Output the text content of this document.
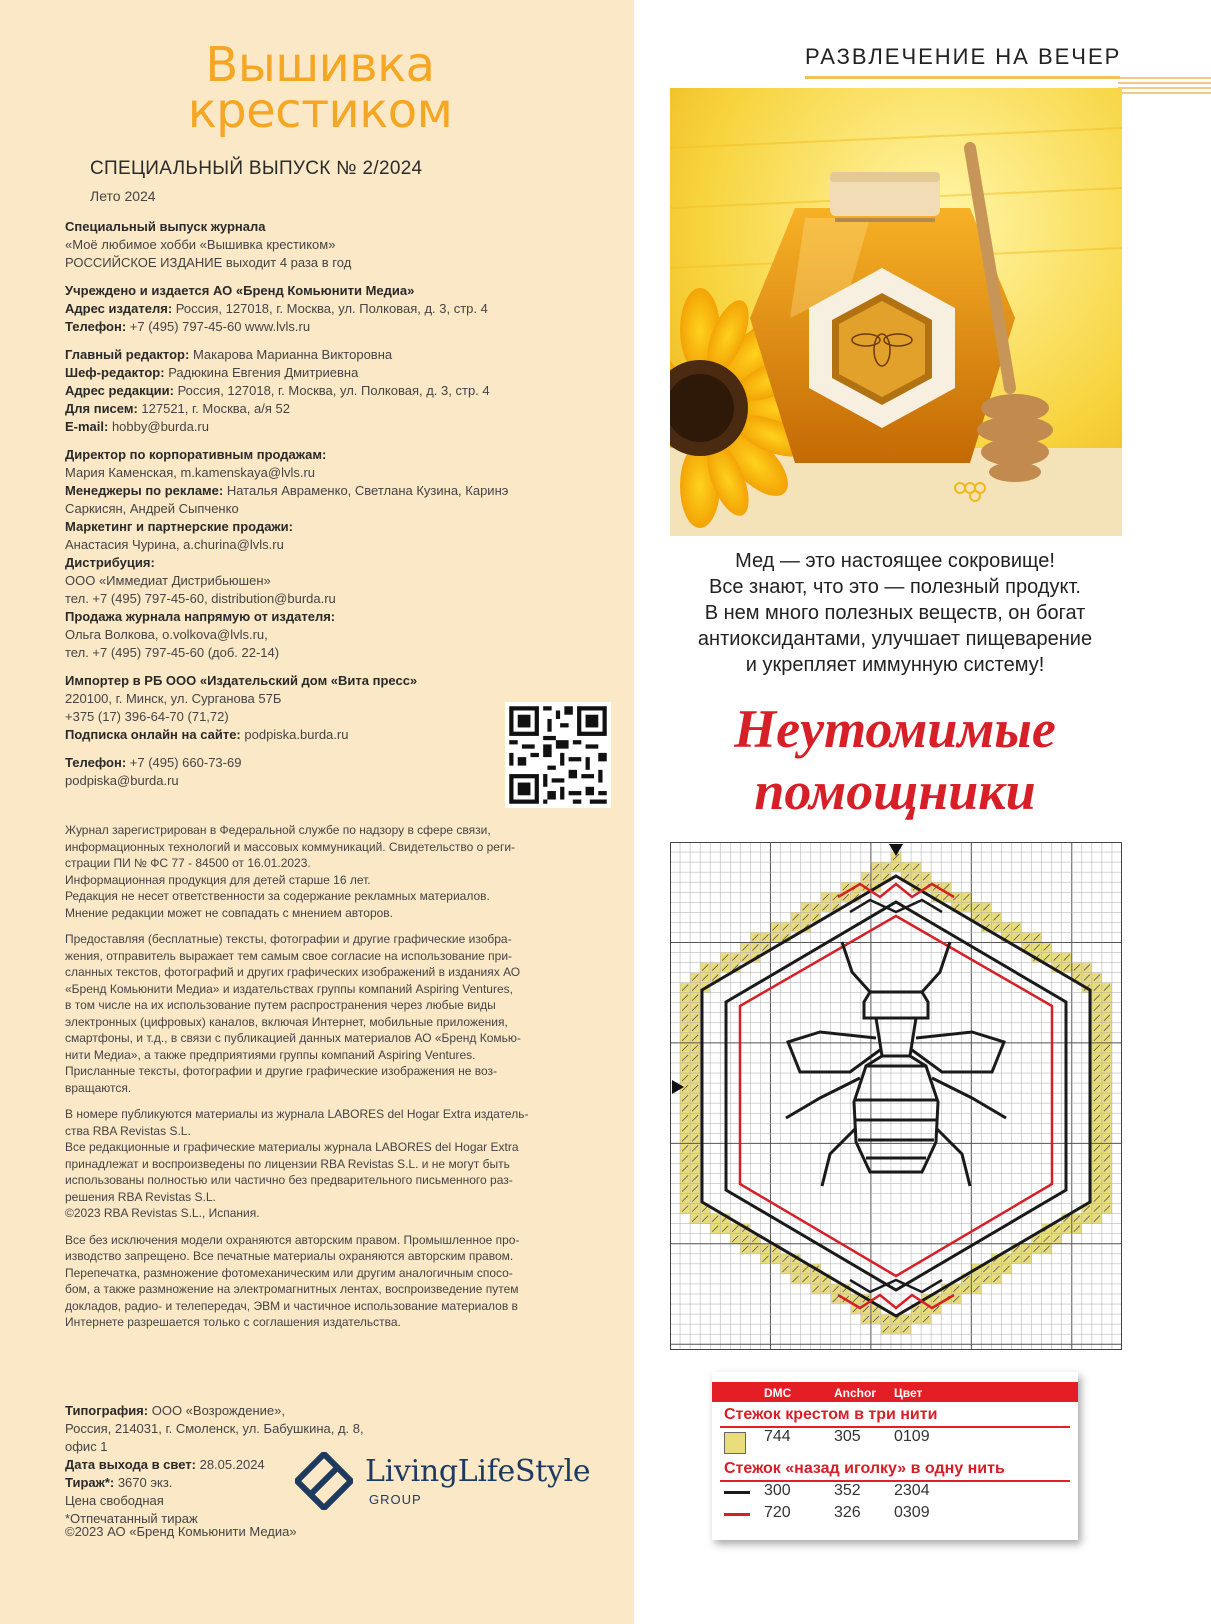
Вышивка
крестиком
СПЕЦИАЛЬНЫЙ ВЫПУСК № 2/2024
Лето 2024

Специальный выпуск журнала

«Моё любимое хобби «Вышивка крестиком»

РОССИЙСКОЕ ИЗДАНИЕ выходит 4 раза в год

Учреждено и издается АО «Бренд Комьюнити Медиа»

Адрес издателя: Россия, 127018, г. Москва, ул. Полковая, д. 3, стр. 4

Телефон: +7 (495) 797-45-60 www.lvls.ru

Главный редактор: Макарова Марианна Викторовна

Шеф-редактор: Радюкина Евгения Дмитриевна

Адрес редакции: Россия, 127018, г. Москва, ул. Полковая, д. 3, стр. 4

Для писем: 127521, г. Москва, а/я 52

E-mail: hobby@burda.ru

Директор по корпоративным продажам:

Мария Каменская, m.kamenskaya@lvls.ru

Менеджеры по рекламе: Наталья Авраменко, Светлана Кузина, Каринэ

Саркисян, Андрей Сыпченко

Маркетинг и партнерские продажи:

Анастасия Чурина, a.churina@lvls.ru

Дистрибуция:

ООО «Иммедиат Дистрибьюшен»

тел. +7 (495) 797-45-60, distribution@burda.ru

Продажа журнала напрямую от издателя:

Ольга Волкова, o.volkova@lvls.ru,

тел. +7 (495) 797-45-60 (доб. 22-14)

Импортер в РБ ООО «Издательский дом «Вита пресс»

220100, г. Минск, ул. Сурганова 57Б

+375 (17) 396-64-70 (71,72)

Подписка онлайн на сайте: podpiska.burda.ru

Телефон: +7 (495) 660-73-69

podpiska@burda.ru

Журнал зарегистрирован в Федеральной службе по надзору в сфере связи,
информационных технологий и массовых коммуникаций. Свидетельство о реги-
страции ПИ № ФС 77 - 84500 от 16.01.2023.
Информационная продукция для детей старше 16 лет.
Редакция не несет ответственности за содержание рекламных материалов.
Мнение редакции может не совпадать с мнением авторов.
Предоставляя (бесплатные) тексты, фотографии и другие графические изобра-
жения, отправитель выражает тем самым свое согласие на использование при-
сланных текстов, фотографий и других графических изображений в изданиях АО
«Бренд Комьюнити Медиа» и издательствах группы компаний Aspiring Ventures,
в том числе на их использование путем распространения через любые виды
электронных (цифровых) каналов, включая Интернет, мобильные приложения,
смартфоны, и т.д., в связи с публикацией данных материалов АО «Бренд Комью-
нити Медиа», а также предприятиями группы компаний Aspiring Ventures.
Присланные тексты, фотографии и другие графические изображения не воз-
вращаются.
В номере публикуются материалы из журнала LABORES del Hogar Extra издатель-
ства RBA Revistas S.L.
Все редакционные и графические материалы журнала LABORES del Hogar Extra
принадлежат и воспроизведены по лицензии RBA Revistas S.L. и не могут быть
использованы полностью или частично без предварительного письменного раз-
решения RBA Revistas S.L.
©2023 RBA Revistas S.L., Испания.
Все без исключения модели охраняются авторским правом. Промышленное про-
изводство запрещено. Все печатные материалы охраняются авторским правом.
Перепечатка, размножение фотомеханическим или другим аналогичным спосо-
бом, а также размножение на электромагнитных лентах, воспроизведение путем
докладов, радио- и телепередач, ЭВМ и частичное использование материалов в
Интернете разрешается только с соглашения издательства.

Типография: ООО «Возрождение»,

Россия, 214031, г. Смоленск, ул. Бабушкина, д. 8, офис 1

Дата выхода в свет: 28.05.2024

Тираж*: 3670 экз.

Цена свободная

*Отпечатанный тираж

©2023 АО «Бренд Комьюнити Медиа»
LivingLifeStyle
GROUP
РАЗВЛЕЧЕНИЕ НА ВЕЧЕР
Мед — это настоящее сокровище!
Все знают, что это — полезный продукт.
В нем много полезных веществ, он богат
антиоксидантами, улучшает пищеварение
и укрепляет иммунную систему!
Неутомимые
помощники
DMC	Anchor Цвет
Стежок крестом в три нити
744	305 0109
Стежок «назад иголку» в одну нить
300	352 2304
720	326 0309
